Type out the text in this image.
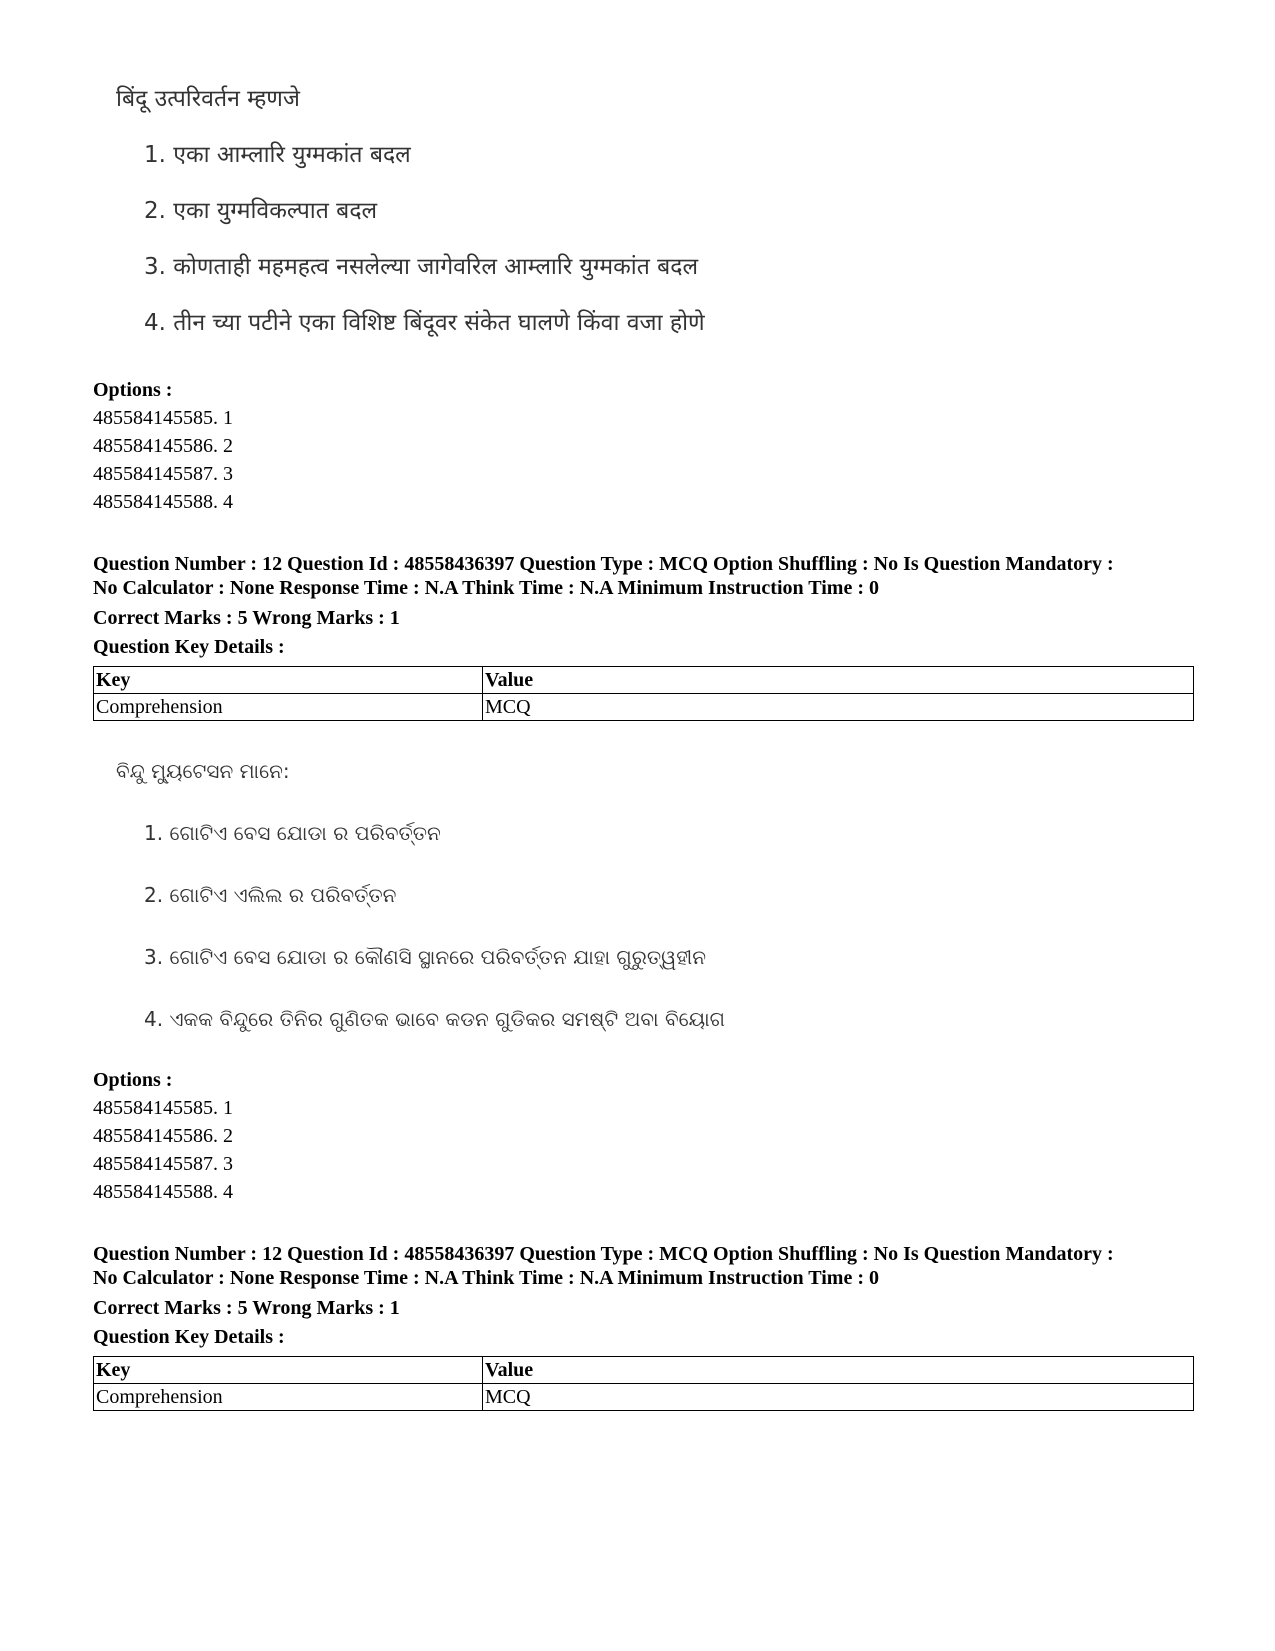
बिंदू उत्परिवर्तन म्हणजे
1. एका आम्लारि युग्मकांत बदल
2. एका युग्मविकल्पात बदल
3. कोणताही महमहत्व नसलेल्या जागेवरिल आम्लारि युग्मकांत बदल
4. तीन च्या पटीने एका विशिष्ट बिंदूवर संकेत घालणे किंवा वजा होणे
Options :
485584145585. 1
485584145586. 2
485584145587. 3
485584145588. 4
Question Number : 12 Question Id : 48558436397 Question Type : MCQ Option Shuffling : No Is Question Mandatory :
No Calculator : None Response Time : N.A Think Time : N.A Minimum Instruction Time : 0
Correct Marks : 5 Wrong Marks : 1
Question Key Details :
Key	Value
Comprehension	MCQ
ବିନ୍ଦୁ ମ୍ୟୁଟେସନ ମାନେ:
1. ଗୋଟିଏ ବେସ ଯୋଡା ର ପରିବର୍ତ୍ତନ
2. ଗୋଟିଏ ଏଲିଲ ର ପରିବର୍ତ୍ତନ
3. ଗୋଟିଏ ବେସ ଯୋଡା ର କୌଣସି ସ୍ଥାନରେ ପରିବର୍ତ୍ତନ ଯାହା ଗୁରୁତ୍ୱହୀନ
4. ଏକକ ବିନ୍ଦୁରେ ତିନିର ଗୁଣିତକ ଭାବେ କଡନ ଗୁଡିକର ସମଷ୍ଟି ଅବା ବିୟୋଗ
Options :
485584145585. 1
485584145586. 2
485584145587. 3
485584145588. 4
Question Number : 12 Question Id : 48558436397 Question Type : MCQ Option Shuffling : No Is Question Mandatory :
No Calculator : None Response Time : N.A Think Time : N.A Minimum Instruction Time : 0
Correct Marks : 5 Wrong Marks : 1
Question Key Details :
Key	Value
Comprehension	MCQ
